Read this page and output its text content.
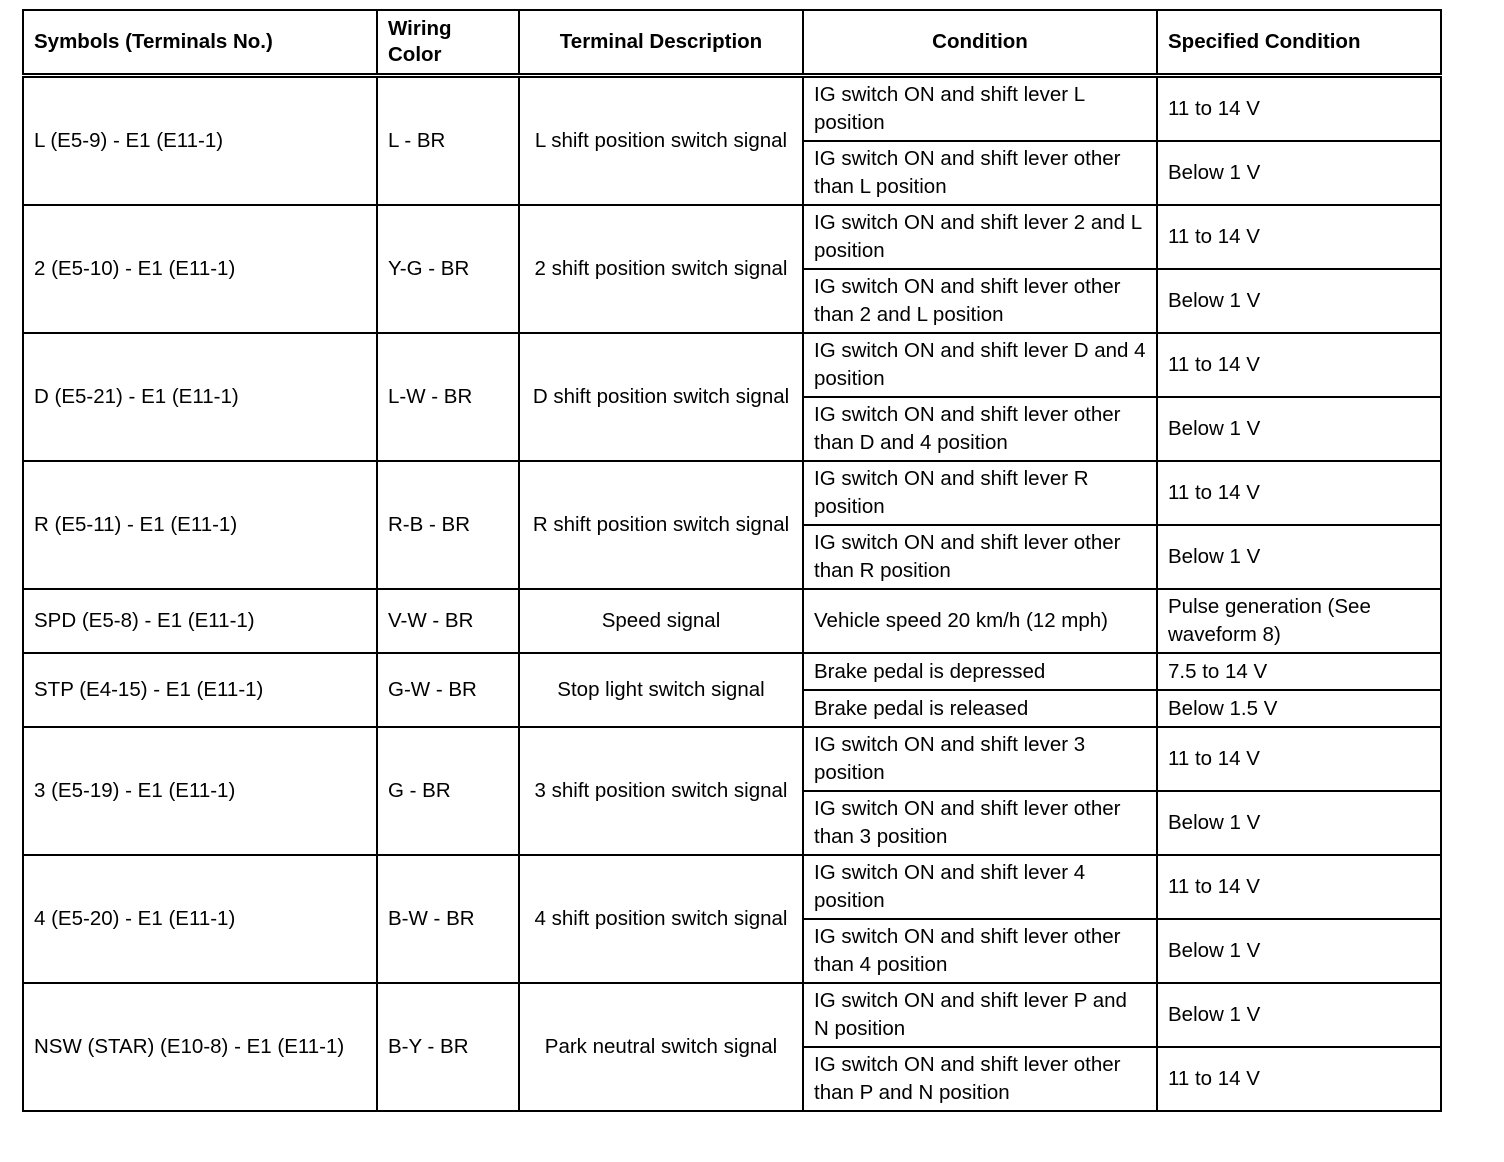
Symbols (Terminals No.)	Wiring Color	Terminal Description	Condition	Specified Condition
L (E5-9) - E1 (E11-1)	L - BR	L shift position switch signal	IG switch ON and shift lever L position	11 to 14 V
			IG switch ON and shift lever other than L position	Below 1 V
2 (E5-10) - E1 (E11-1)	Y-G - BR	2 shift position switch signal	IG switch ON and shift lever 2 and L position	11 to 14 V
			IG switch ON and shift lever other than 2 and L position	Below 1 V
D (E5-21) - E1 (E11-1)	L-W - BR	D shift position switch signal	IG switch ON and shift lever D and 4 position	11 to 14 V
			IG switch ON and shift lever other than D and 4 position	Below 1 V
R (E5-11) - E1 (E11-1)	R-B - BR	R shift position switch signal	IG switch ON and shift lever R position	11 to 14 V
			IG switch ON and shift lever other than R position	Below 1 V
SPD (E5-8) - E1 (E11-1)	V-W - BR	Speed signal	Vehicle speed 20 km/h (12 mph)	Pulse generation (See waveform 8)
STP (E4-15) - E1 (E11-1)	G-W - BR	Stop light switch signal	Brake pedal is depressed	7.5 to 14 V
			Brake pedal is released	Below 1.5 V
3 (E5-19) - E1 (E11-1)	G - BR	3 shift position switch signal	IG switch ON and shift lever 3 position	11 to 14 V
			IG switch ON and shift lever other than 3 position	Below 1 V
4 (E5-20) - E1 (E11-1)	B-W - BR	4 shift position switch signal	IG switch ON and shift lever 4 position	11 to 14 V
			IG switch ON and shift lever other than 4 position	Below 1 V
NSW (STAR) (E10-8) - E1 (E11-1)	B-Y - BR	Park neutral switch signal	IG switch ON and shift lever P and N position	Below 1 V
			IG switch ON and shift lever other than P and N position	11 to 14 V
